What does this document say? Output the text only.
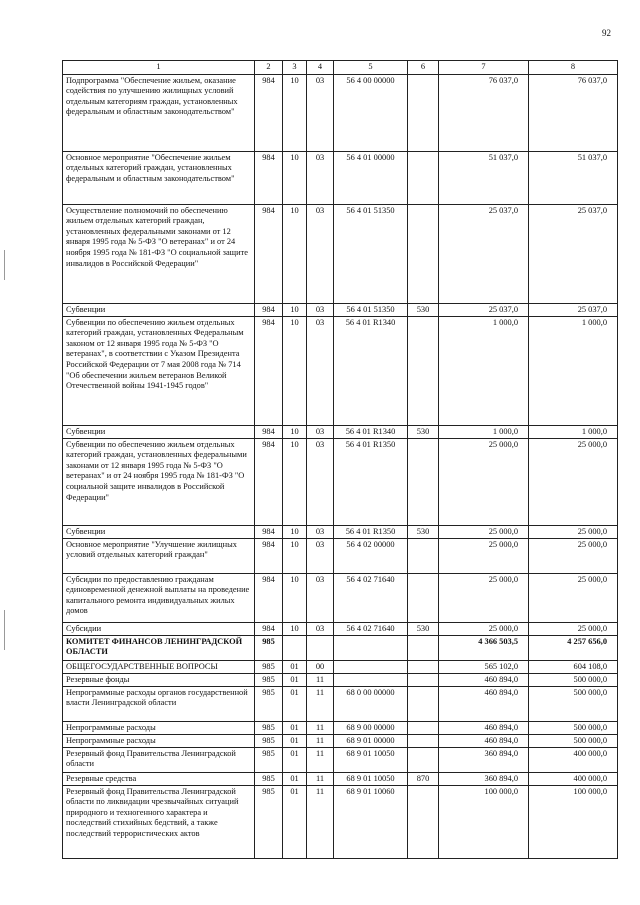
92
1	2	3	4	5	6	7	8
Подпрограмма "Обеспечение жильем, оказание содействия по улучшению жилищных условий отдельным категориям граждан, установленных федеральным и областным законодательством"	984	10	03	56 4 00 00000		76 037,0	76 037,0
Основное мероприятие "Обеспечение жильем отдельных категорий граждан, установленных федеральным и областным законодательством"	984	10	03	56 4 01 00000		51 037,0	51 037,0
Осуществление полномочий по обеспечению жильем отдельных категорий граждан, установленных федеральными законами от 12 января 1995 года № 5-ФЗ "О ветеранах" и от 24 ноября 1995 года № 181-ФЗ "О социальной защите инвалидов в Российской Федерации"	984	10	03	56 4 01 51350		25 037,0	25 037,0
Субвенции	984	10	03	56 4 01 51350	530	25 037,0	25 037,0
Субвенции по обеспечению жильем отдельных категорий граждан, установленных Федеральным законом от 12 января 1995 года № 5-ФЗ "О ветеранах", в соответствии с Указом Президента Российской Федерации от 7 мая 2008 года № 714 "Об обеспечении жильем ветеранов Великой Отечественной войны 1941-1945 годов"	984	10	03	56 4 01 R1340		1 000,0	1 000,0
Субвенции	984	10	03	56 4 01 R1340	530	1 000,0	1 000,0
Субвенции по обеспечению жильем отдельных категорий граждан, установленных федеральными законами от 12 января 1995 года № 5-ФЗ "О ветеранах" и от 24 ноября 1995 года № 181-ФЗ "О социальной защите инвалидов в Российской Федерации"	984	10	03	56 4 01 R1350		25 000,0	25 000,0
Субвенции	984	10	03	56 4 01 R1350	530	25 000,0	25 000,0
Основное мероприятие "Улучшение жилищных условий отдельных категорий граждан"	984	10	03	56 4 02 00000		25 000,0	25 000,0
Субсидии по предоставлению гражданам единовременной денежной выплаты на проведение капитального ремонта индивидуальных жилых домов	984	10	03	56 4 02 71640		25 000,0	25 000,0
Субсидии	984	10	03	56 4 02 71640	530	25 000,0	25 000,0
КОМИТЕТ ФИНАНСОВ ЛЕНИНГРАДСКОЙ ОБЛАСТИ	985					4 366 503,5	4 257 656,0
ОБЩЕГОСУДАРСТВЕННЫЕ ВОПРОСЫ	985	01	00			565 102,0	604 108,0
Резервные фонды	985	01	11			460 894,0	500 000,0
Непрограммные расходы органов государственной власти Ленинградской области	985	01	11	68 0 00 00000		460 894,0	500 000,0
Непрограммные расходы	985	01	11	68 9 00 00000		460 894,0	500 000,0
Непрограммные расходы	985	01	11	68 9 01 00000		460 894,0	500 000,0
Резервный фонд Правительства Ленинградской области	985	01	11	68 9 01 10050		360 894,0	400 000,0
Резервные средства	985	01	11	68 9 01 10050	870	360 894,0	400 000,0
Резервный фонд Правительства Ленинградской области по ликвидации чрезвычайных ситуаций природного и техногенного характера и последствий стихийных бедствий, а также последствий террористических актов	985	01	11	68 9 01 10060		100 000,0	100 000,0
